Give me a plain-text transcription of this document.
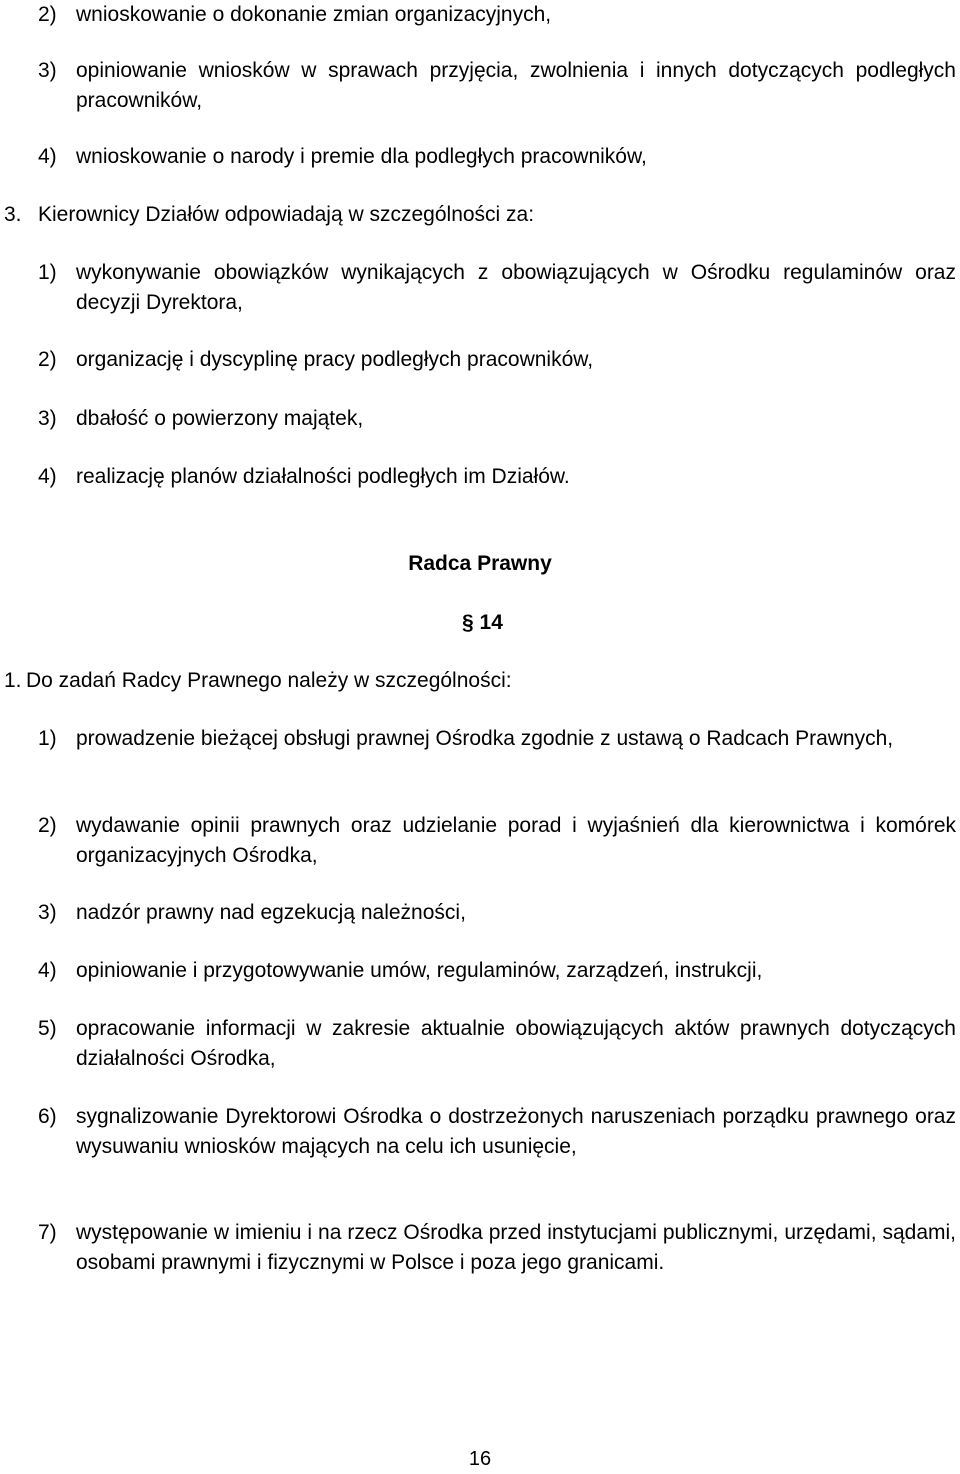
2) wnioskowanie o dokonanie zmian organizacyjnych,
3) opiniowanie wniosków w sprawach przyjęcia, zwolnienia i innych dotyczących podległych pracowników,
4) wnioskowanie o narody i premie dla podległych pracowników,
3. Kierownicy Działów odpowiadają w szczególności za:
1) wykonywanie obowiązków wynikających z obowiązujących w Ośrodku regulaminów oraz decyzji Dyrektora,
2) organizację i dyscyplinę pracy podległych pracowników,
3) dbałość o powierzony majątek,
4) realizację planów działalności podległych im Działów.
Radca Prawny
§ 14
1. Do zadań Radcy Prawnego należy w szczególności:
1) prowadzenie bieżącej obsługi prawnej Ośrodka zgodnie z ustawą o Radcach Prawnych,
2) wydawanie opinii prawnych oraz udzielanie porad i wyjaśnień dla kierownictwa i komórek organizacyjnych Ośrodka,
3) nadzór prawny nad egzekucją należności,
4) opiniowanie i przygotowywanie umów, regulaminów, zarządzeń, instrukcji,
5) opracowanie informacji w zakresie aktualnie obowiązujących aktów prawnych dotyczących działalności Ośrodka,
6) sygnalizowanie Dyrektorowi Ośrodka o dostrzeżonych naruszeniach porządku prawnego oraz wysuwaniu wniosków mających na celu ich usunięcie,
7) występowanie w imieniu i na rzecz Ośrodka przed instytucjami publicznymi, urzędami, sądami, osobami prawnymi i fizycznymi w Polsce i poza jego granicami.
16
